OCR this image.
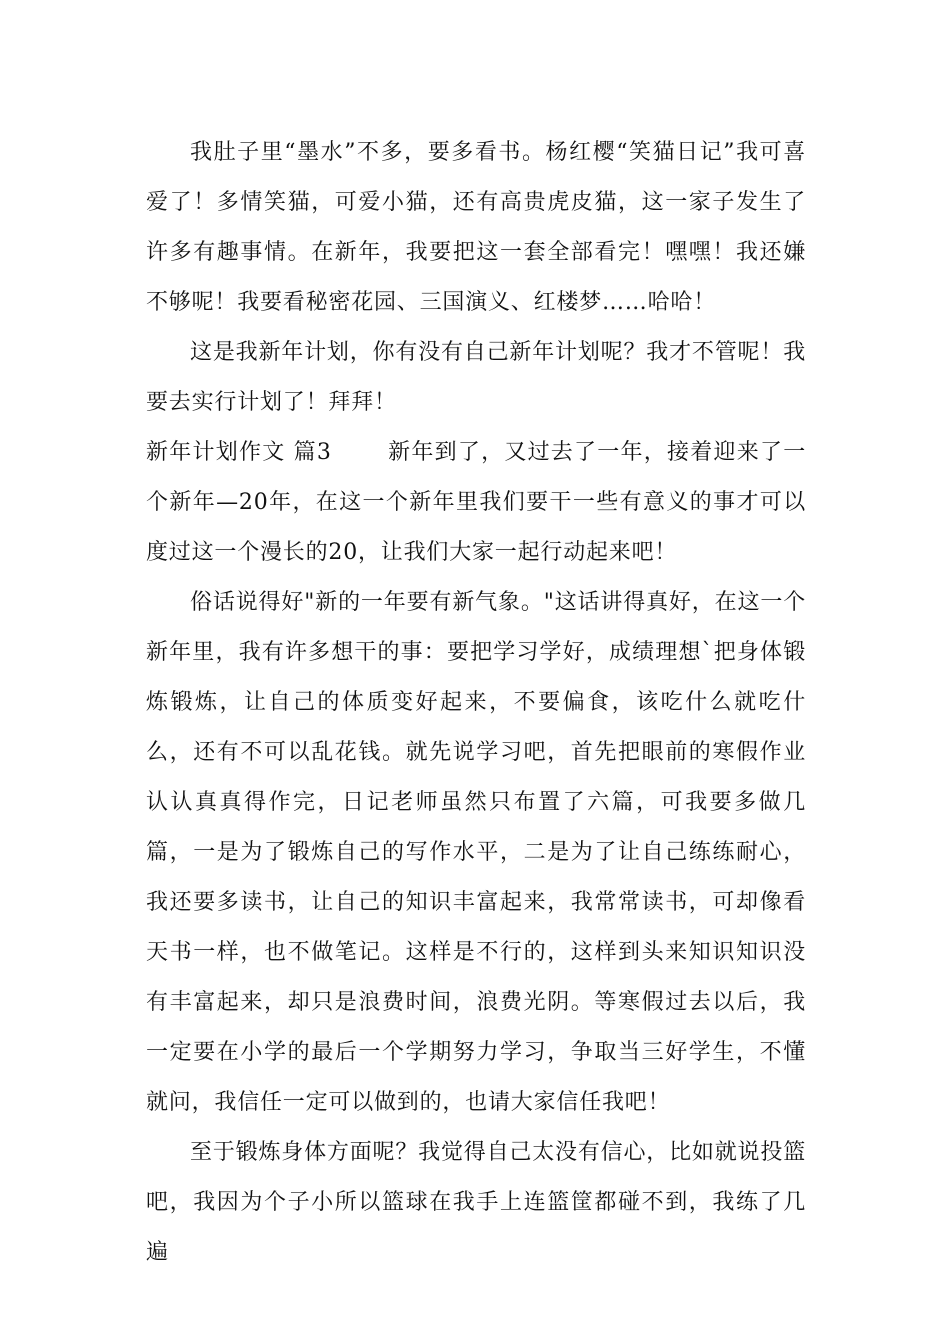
我肚子里“墨水”不多，要多看书。杨红樱“笑猫日记”我可喜爱了！多情笑猫，可爱小猫，还有高贵虎皮猫，这一家子发生了许多有趣事情。在新年，我要把这一套全部看完！嘿嘿！我还嫌不够呢！我要看秘密花园、三国演义、红楼梦……哈哈！

这是我新年计划，你有没有自己新年计划呢？我才不管呢！我要去实行计划了！拜拜！

新年计划作文 篇3	新年到了，又过去了一年，接着迎来了一个新年—20年，在这一个新年里我们要干一些有意义的事才可以度过这一个漫长的20，让我们大家一起行动起来吧！

俗话说得好"新的一年要有新气象。"这话讲得真好，在这一个新年里，我有许多想干的事：要把学习学好，成绩理想`把身体锻炼锻炼，让自己的体质变好起来，不要偏食，该吃什么就吃什么，还有不可以乱花钱。就先说学习吧，首先把眼前的寒假作业认认真真得作完，日记老师虽然只布置了六篇，可我要多做几篇，一是为了锻炼自己的写作水平，二是为了让自己练练耐心，我还要多读书，让自己的知识丰富起来，我常常读书，可却像看天书一样，也不做笔记。这样是不行的，这样到头来知识知识没有丰富起来，却只是浪费时间，浪费光阴。等寒假过去以后，我一定要在小学的最后一个学期努力学习，争取当三好学生，不懂就问，我信任一定可以做到的，也请大家信任我吧！

至于锻炼身体方面呢？我觉得自己太没有信心，比如就说投篮吧，我因为个子小所以篮球在我手上连篮筐都碰不到，我练了几遍
